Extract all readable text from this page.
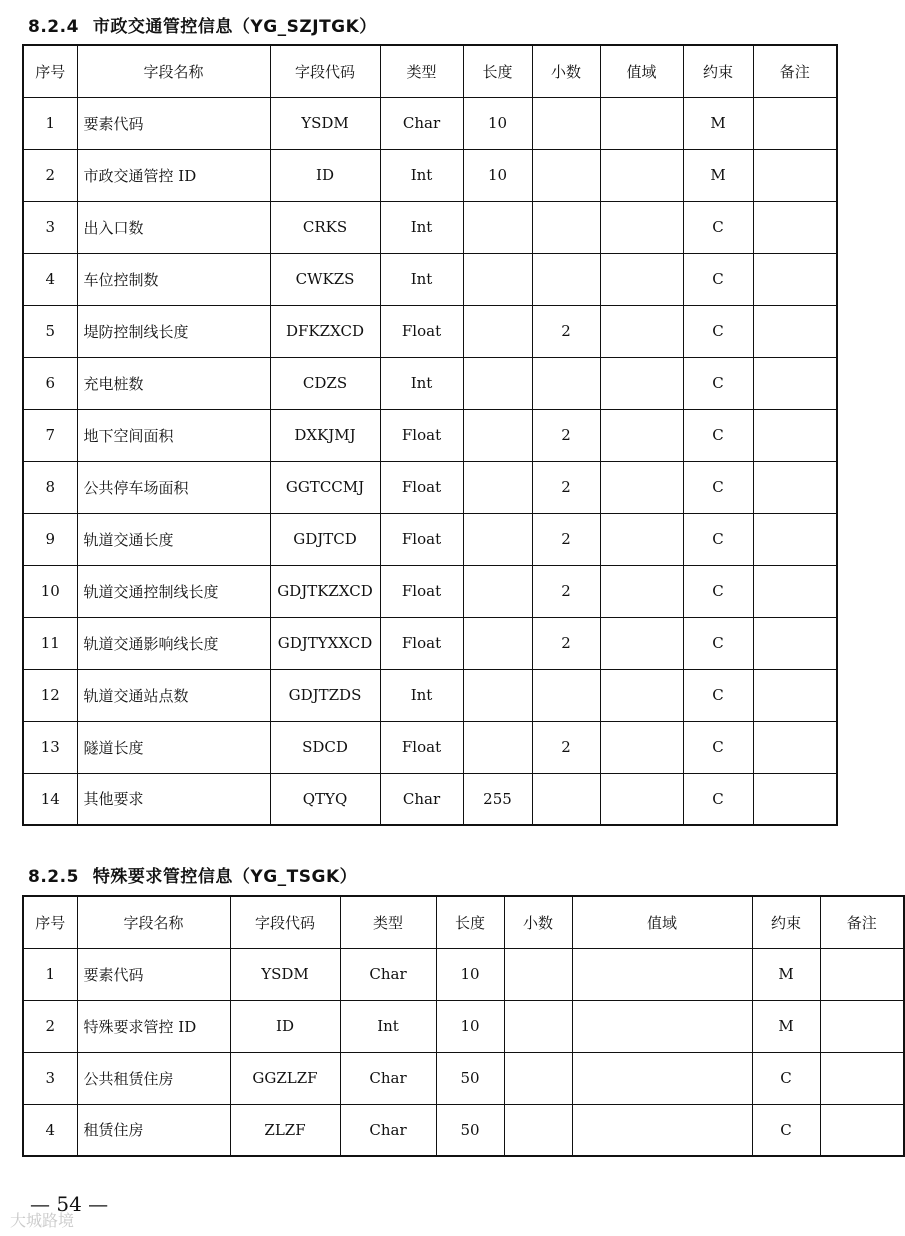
8.2.4 市政交通管控信息（YG_SZJTGK）
序号	字段名称	字段代码	类型	长度	小数	值域	约束	备注
1	要素代码	YSDM	Char	10			M	
2	市政交通管控 ID	ID	Int	10			M	
3	出入口数	CRKS	Int				C	
4	车位控制数	CWKZS	Int				C	
5	堤防控制线长度	DFKZXCD	Float		2		C	
6	充电桩数	CDZS	Int				C	
7	地下空间面积	DXKJMJ	Float		2		C	
8	公共停车场面积	GGTCCMJ	Float		2		C	
9	轨道交通长度	GDJTCD	Float		2		C	
10	轨道交通控制线长度	GDJTKZXCD	Float		2		C	
11	轨道交通影响线长度	GDJTYXXCD	Float		2		C	
12	轨道交通站点数	GDJTZDS	Int				C	
13	隧道长度	SDCD	Float		2		C	
14	其他要求	QTYQ	Char	255			C	
8.2.5 特殊要求管控信息（YG_TSGK）
序号	字段名称	字段代码	类型	长度	小数	值域	约束	备注
1	要素代码	YSDM	Char	10			M	
2	特殊要求管控 ID	ID	Int	10			M	
3	公共租赁住房	GGZLZF	Char	50			C	
4	租赁住房	ZLZF	Char	50			C	
— 54 —
大城路境
